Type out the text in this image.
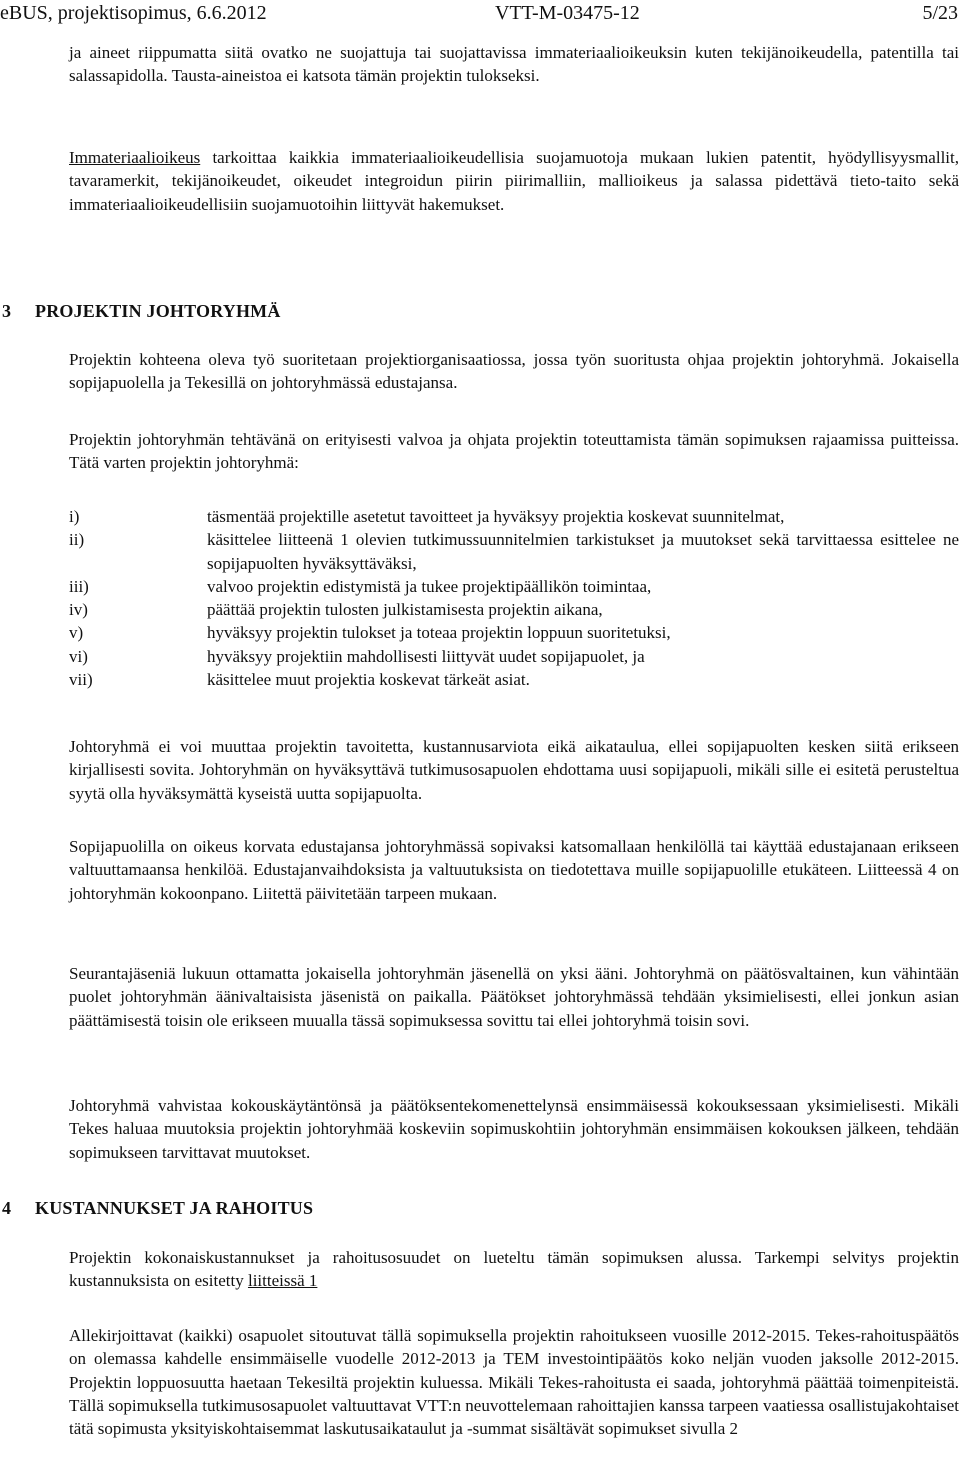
eBUS, projektisopimus, 6.6.2012	VTT-M-03475-12	5/23
ja aineet riippumatta siitä ovatko ne suojattuja tai suojattavissa immateriaalioikeuksin kuten tekijänoikeudella, patentilla tai salassapidolla. Tausta-aineistoa ei katsota tämän projektin tulokseksi.
Immateriaalioikeus tarkoittaa kaikkia immateriaalioikeudellisia suojamuotoja mukaan lukien patentit, hyödyllisyysmallit, tavaramerkit, tekijänoikeudet, oikeudet integroidun piirin piirimalliin, mallioikeus ja salassa pidettävä tieto-taito sekä immateriaalioikeudellisiin suojamuotoihin liittyvät hakemukset.
3 PROJEKTIN JOHTORYHMÄ
Projektin kohteena oleva työ suoritetaan projektiorganisaatiossa, jossa työn suoritusta ohjaa projektin johtoryhmä. Jokaisella sopijapuolella ja Tekesillä on johtoryhmässä edustajansa.
Projektin johtoryhmän tehtävänä on erityisesti valvoa ja ohjata projektin toteuttamista tämän sopimuksen rajaamissa puitteissa. Tätä varten projektin johtoryhmä:
i)	täsmentää projektille asetetut tavoitteet ja hyväksyy projektia koskevat suunnitelmat,
ii)	käsittelee liitteenä 1 olevien tutkimussuunnitelmien tarkistukset ja muutokset sekä tarvittaessa esittelee ne sopijapuolten hyväksyttäväksi,
iii)	valvoo projektin edistymistä ja tukee projektipäällikön toimintaa,
iv)	päättää projektin tulosten julkistamisesta projektin aikana,
v)	hyväksyy projektin tulokset ja toteaa projektin loppuun suoritetuksi,
vi)	hyväksyy projektiin mahdollisesti liittyvät uudet sopijapuolet, ja
vii)	käsittelee muut projektia koskevat tärkeät asiat.
Johtoryhmä ei voi muuttaa projektin tavoitetta, kustannusarviota eikä aikataulua, ellei sopijapuolten kesken siitä erikseen kirjallisesti sovita. Johtoryhmän on hyväksyttävä tutkimusosapuolen ehdottama uusi sopijapuoli, mikäli sille ei esitetä perusteltua syytä olla hyväksymättä kyseistä uutta sopijapuolta.
Sopijapuolilla on oikeus korvata edustajansa johtoryhmässä sopivaksi katsomallaan henkilöllä tai käyttää edustajanaan erikseen valtuuttamaansa henkilöä. Edustajanvaihdoksista ja valtuutuksista on tiedotettava muille sopijapuolille etukäteen. Liitteessä 4 on johtoryhmän kokoonpano. Liitettä päivitetään tarpeen mukaan.
Seurantajäseniä lukuun ottamatta jokaisella johtoryhmän jäsenellä on yksi ääni. Johtoryhmä on päätösvaltainen, kun vähintään puolet johtoryhmän äänivaltaisista jäsenistä on paikalla. Päätökset johtoryhmässä tehdään yksimielisesti, ellei jonkun asian päättämisestä toisin ole erikseen muualla tässä sopimuksessa sovittu tai ellei johtoryhmä toisin sovi.
Johtoryhmä vahvistaa kokouskäytäntönsä ja päätöksentekomenettelynsä ensimmäisessä kokouksessaan yksimielisesti. Mikäli Tekes haluaa muutoksia projektin johtoryhmää koskeviin sopimuskohtiin johtoryhmän ensimmäisen kokouksen jälkeen, tehdään sopimukseen tarvittavat muutokset.
4 KUSTANNUKSET JA RAHOITUS
Projektin kokonaiskustannukset ja rahoitusosuudet on lueteltu tämän sopimuksen alussa. Tarkempi selvitys projektin kustannuksista on esitetty liitteissä 1
Allekirjoittavat (kaikki) osapuolet sitoutuvat tällä sopimuksella projektin rahoitukseen vuosille 2012-2015. Tekes-rahoituspäätös on olemassa kahdelle ensimmäiselle vuodelle 2012-2013 ja TEM investointipäätös koko neljän vuoden jaksolle 2012-2015. Projektin loppuosuutta haetaan Tekesiltä projektin kuluessa. Mikäli Tekes-rahoitusta ei saada, johtoryhmä päättää toimenpiteistä. Tällä sopimuksella tutkimusosapuolet valtuuttavat VTT:n neuvottelemaan rahoittajien kanssa tarpeen vaatiessa osallistujakohtaiset tätä sopimusta yksityiskohtaisemmat laskutusaikataulut ja -summat sisältävät sopimukset sivulla 2
